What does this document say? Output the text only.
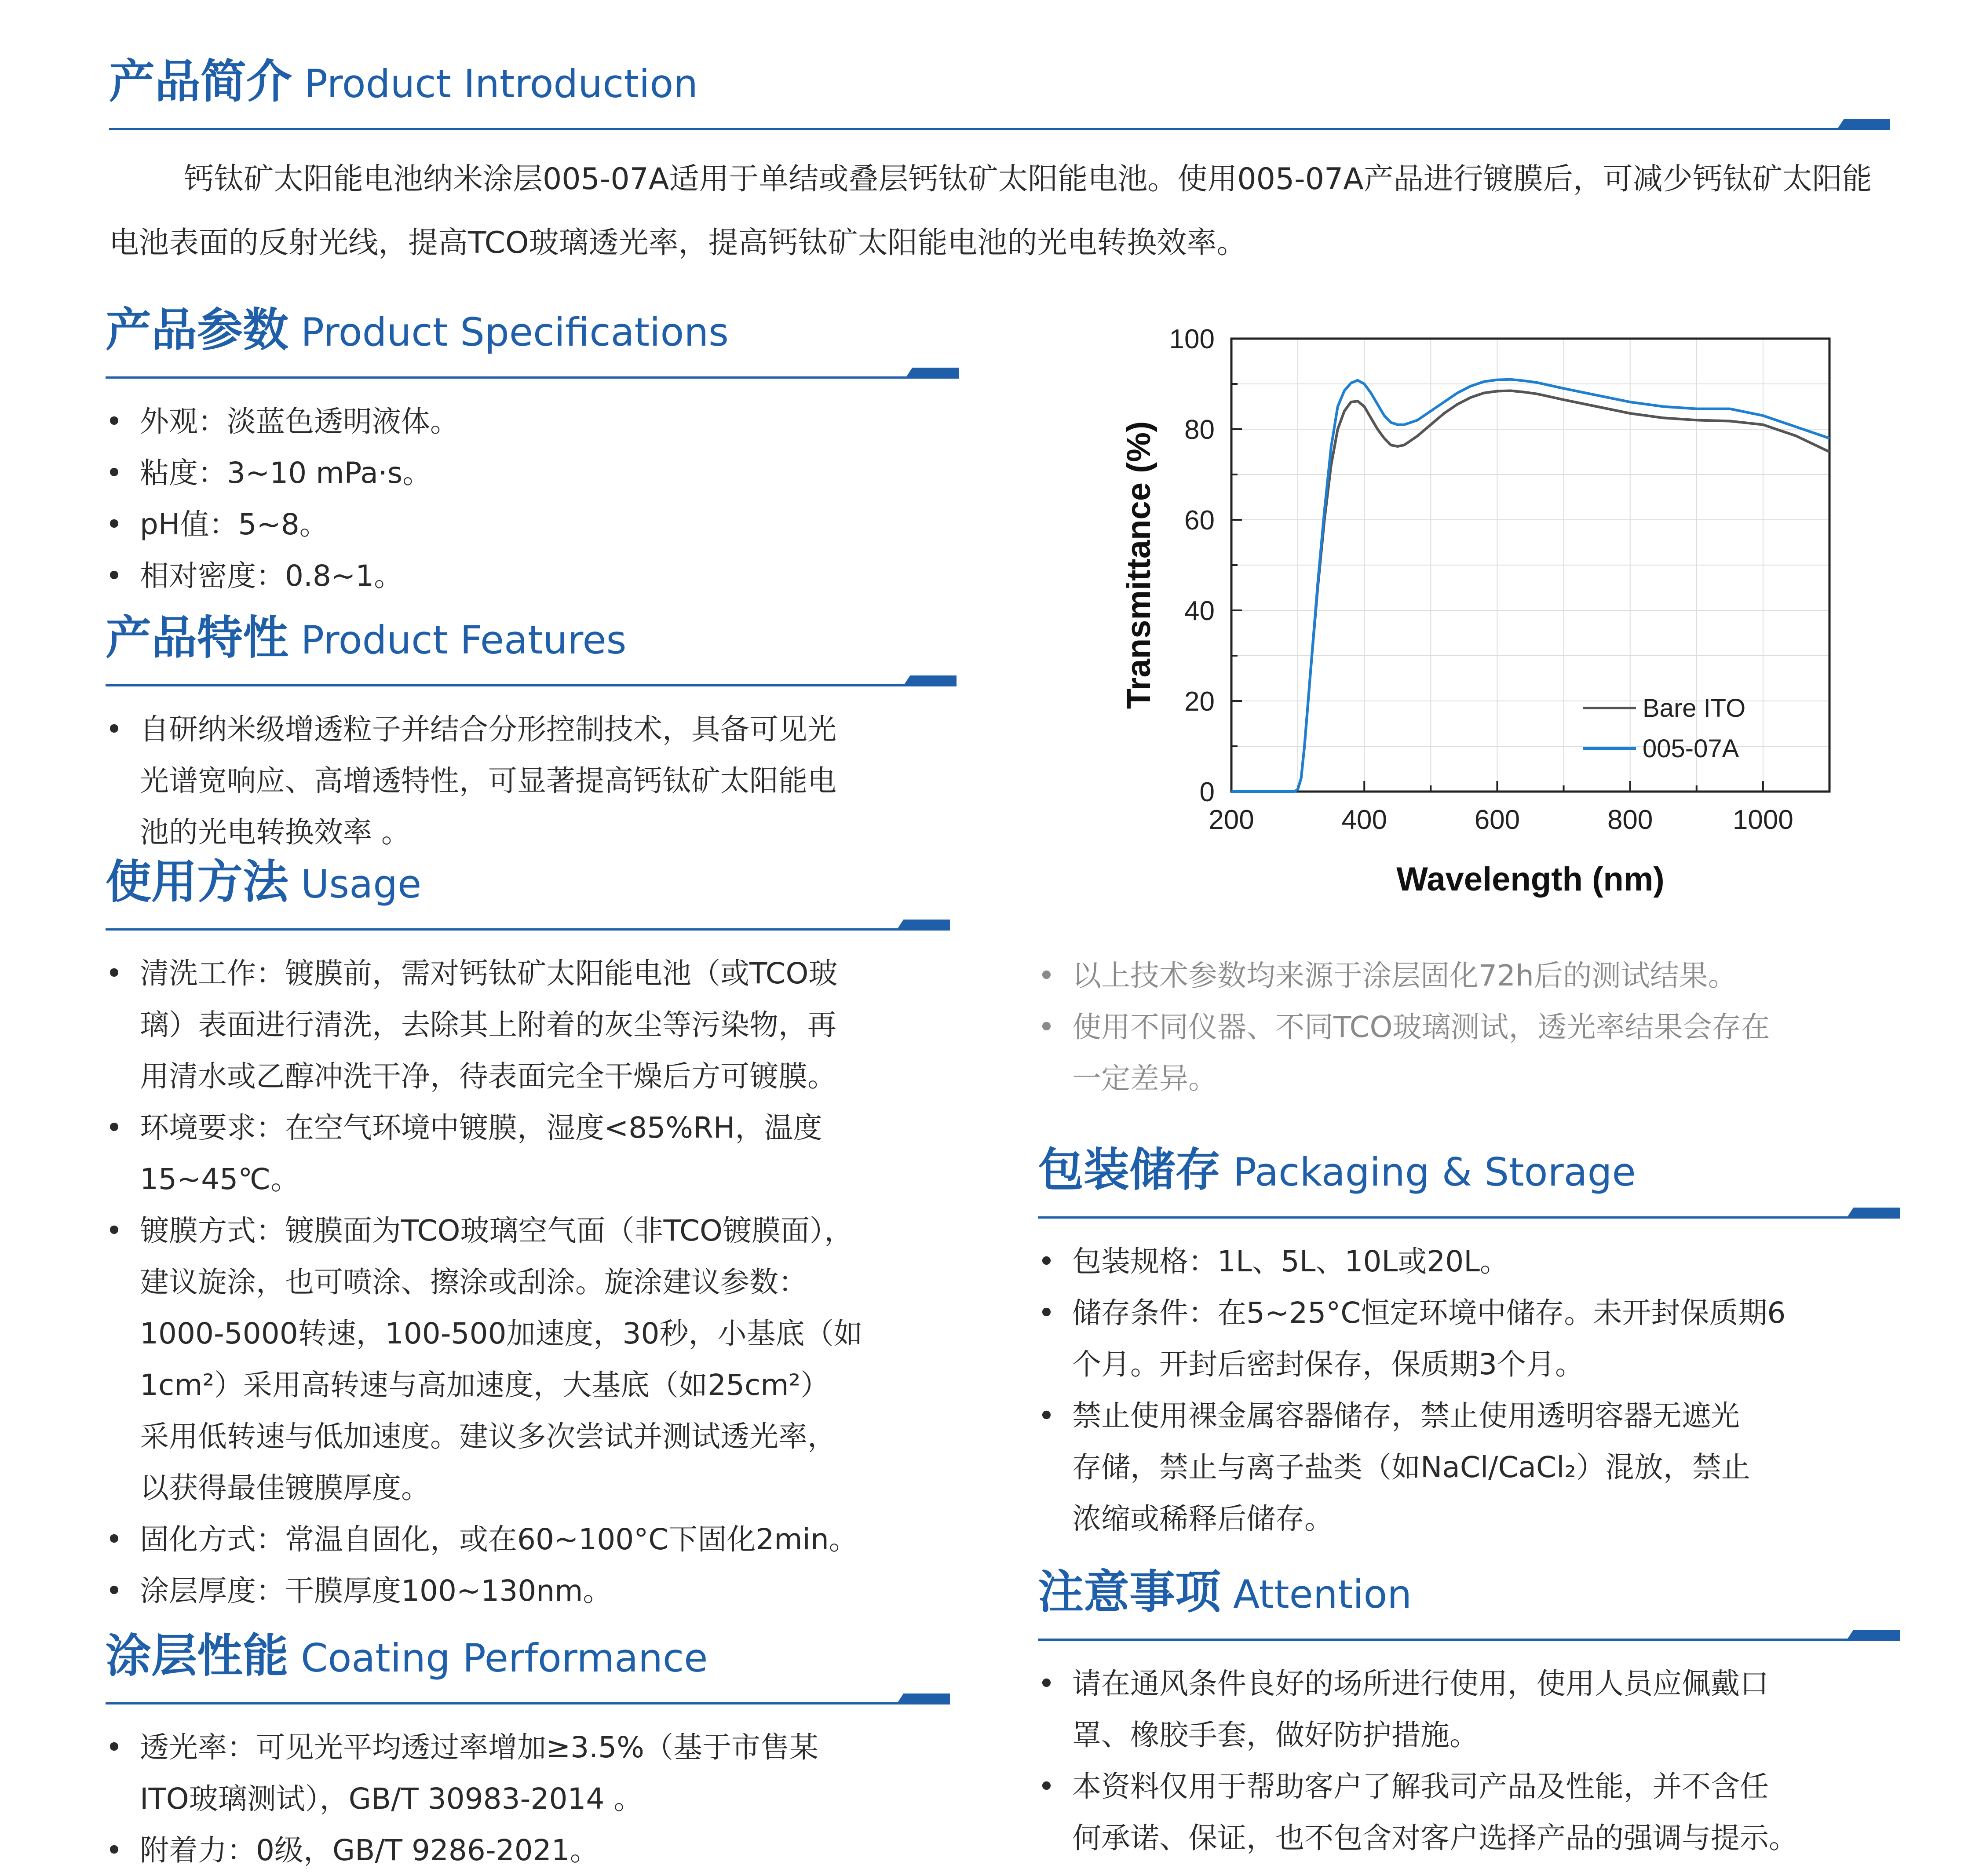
产品简介 Product Introduction
钙钛矿太阳能电池纳米涂层005-07A适用于单结或叠层钙钛矿太阳能电池。使用005-07A产品进行镀膜后，可减少钙钛矿太阳能电池表面的反射光线，提高TCO玻璃透光率，提高钙钛矿太阳能电池的光电转换效率。
产品参数 Product Specifications
• 外观：淡蓝色透明液体。
• 粘度：3~10 mPa·s。
• pH值：5~8。
• 相对密度：0.8~1。
产品特性 Product Features
• 自研纳米级增透粒子并结合分形控制技术，具备可见光
光谱宽响应、高增透特性，可显著提高钙钛矿太阳能电
池的光电转换效率 。
使用方法 Usage
• 清洗工作：镀膜前，需对钙钛矿太阳能电池（或TCO玻
璃）表面进行清洗，去除其上附着的灰尘等污染物，再
用清水或乙醇冲洗干净，待表面完全干燥后方可镀膜。
• 环境要求：在空气环境中镀膜，湿度<85%RH，温度
15~45℃。
• 镀膜方式：镀膜面为TCO玻璃空气面（非TCO镀膜面），
建议旋涂，也可喷涂、擦涂或刮涂。旋涂建议参数：
1000-5000转速，100-500加速度，30秒，小基底（如
1cm²）采用高转速与高加速度，大基底（如25cm²）
采用低转速与低加速度。建议多次尝试并测试透光率，
以获得最佳镀膜厚度。
• 固化方式：常温自固化，或在60~100°C下固化2min。
• 涂层厚度：干膜厚度100~130nm。
涂层性能 Coating Performance
• 透光率：可见光平均透过率增加≥3.5%（基于市售某
ITO玻璃测试），GB/T 30983-2014 。
• 附着力：0级，GB/T 9286-2021。
200	400	600	800	1000
0
20
40
60
80
100
Wavelength (nm)
Transmittance (%)	Bare ITO
005-07A
• 以上技术参数均来源于涂层固化72h后的测试结果。
• 使用不同仪器、不同TCO玻璃测试，透光率结果会存在
一定差异。
包装储存 Packaging & Storage
• 包装规格：1L、5L、10L或20L。
• 储存条件：在5~25°C恒定环境中储存。未开封保质期6
个月。开封后密封保存，保质期3个月。
• 禁止使用裸金属容器储存，禁止使用透明容器无遮光
存储，禁止与离子盐类（如NaCl/CaCl₂）混放，禁止
浓缩或稀释后储存。
注意事项 Attention
• 请在通风条件良好的场所进行使用，使用人员应佩戴口
罩、橡胶手套，做好防护措施。
• 本资料仅用于帮助客户了解我司产品及性能，并不含任
何承诺、保证，也不包含对客户选择产品的强调与提示。
